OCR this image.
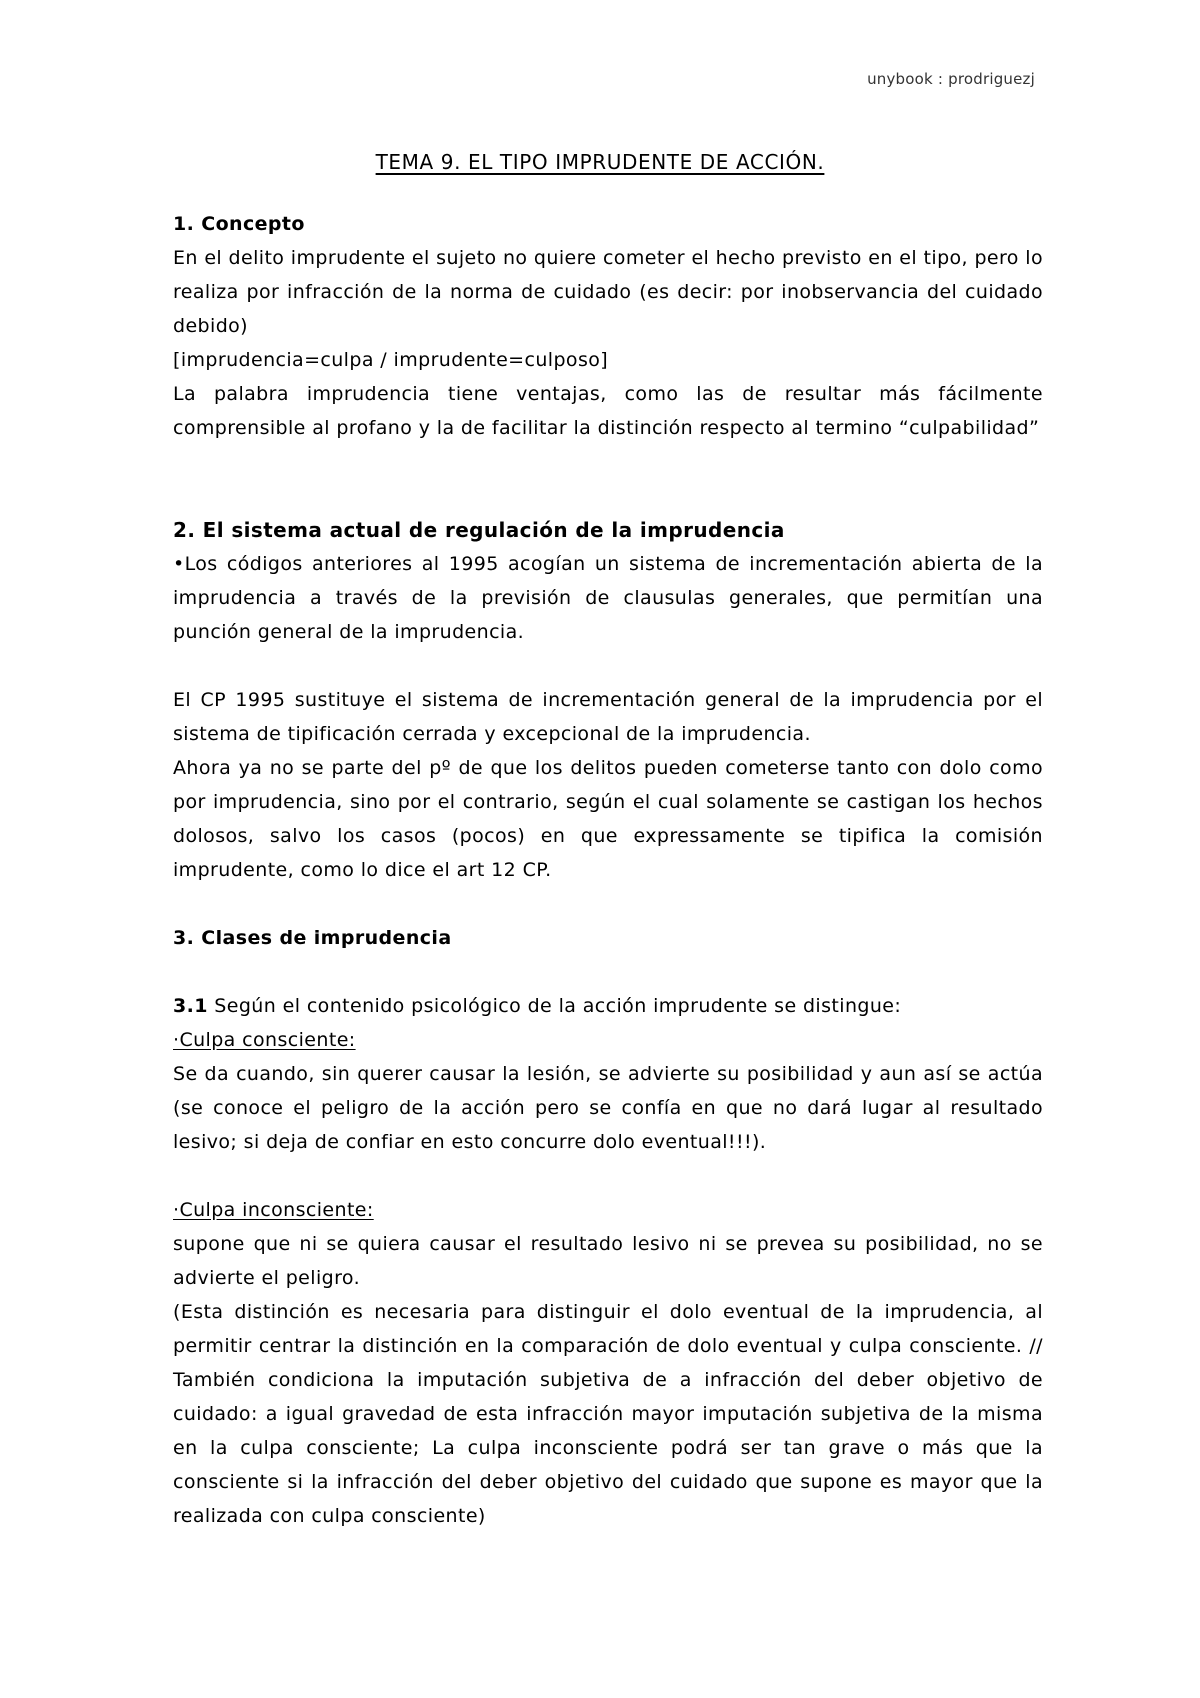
unybook : prodriguezj
TEMA 9. EL TIPO IMPRUDENTE DE ACCIÓN.

1. Concepto

En el delito imprudente el sujeto no quiere cometer el hecho previsto en el tipo, pero lo realiza por infracción de la norma de cuidado (es decir: por inobservancia del cuidado debido)

[imprudencia=culpa / imprudente=culposo]

La palabra imprudencia tiene ventajas, como las de resultar más fácilmente comprensible al profano y la de facilitar la distinción respecto al termino “culpabilidad”

2. El sistema actual de regulación de la imprudencia

•Los códigos anteriores al 1995 acogían un sistema de incrementación abierta de la imprudencia a través de la previsión de clausulas generales, que permitían una punción general de la imprudencia.

El CP 1995 sustituye el sistema de incrementación general de la imprudencia por el sistema de tipificación cerrada y excepcional de la imprudencia.

Ahora ya no se parte del pº de que los delitos pueden cometerse tanto con dolo como por imprudencia, sino por el contrario, según el cual solamente se castigan los hechos dolosos, salvo los casos (pocos) en que expressamente se tipifica la comisión imprudente, como lo dice el art 12 CP.

3. Clases de imprudencia

3.1 Según el contenido psicológico de la acción imprudente se distingue:

·Culpa consciente:

Se da cuando, sin querer causar la lesión, se advierte su posibilidad y aun así se actúa (se conoce el peligro de la acción pero se confía en que no dará lugar al resultado lesivo; si deja de confiar en esto concurre dolo eventual!!!).

·Culpa inconsciente:

supone que ni se quiera causar el resultado lesivo ni se prevea su posibilidad, no se advierte el peligro.

(Esta distinción es necesaria para distinguir el dolo eventual de la imprudencia, al permitir centrar la distinción en la comparación de dolo eventual y culpa consciente. // También condiciona la imputación subjetiva de a infracción del deber objetivo de cuidado: a igual gravedad de esta infracción mayor imputación subjetiva de la misma en la culpa consciente; La culpa inconsciente podrá ser tan grave o más que la consciente si la infracción del deber objetivo del cuidado que supone es mayor que la realizada con culpa consciente)
